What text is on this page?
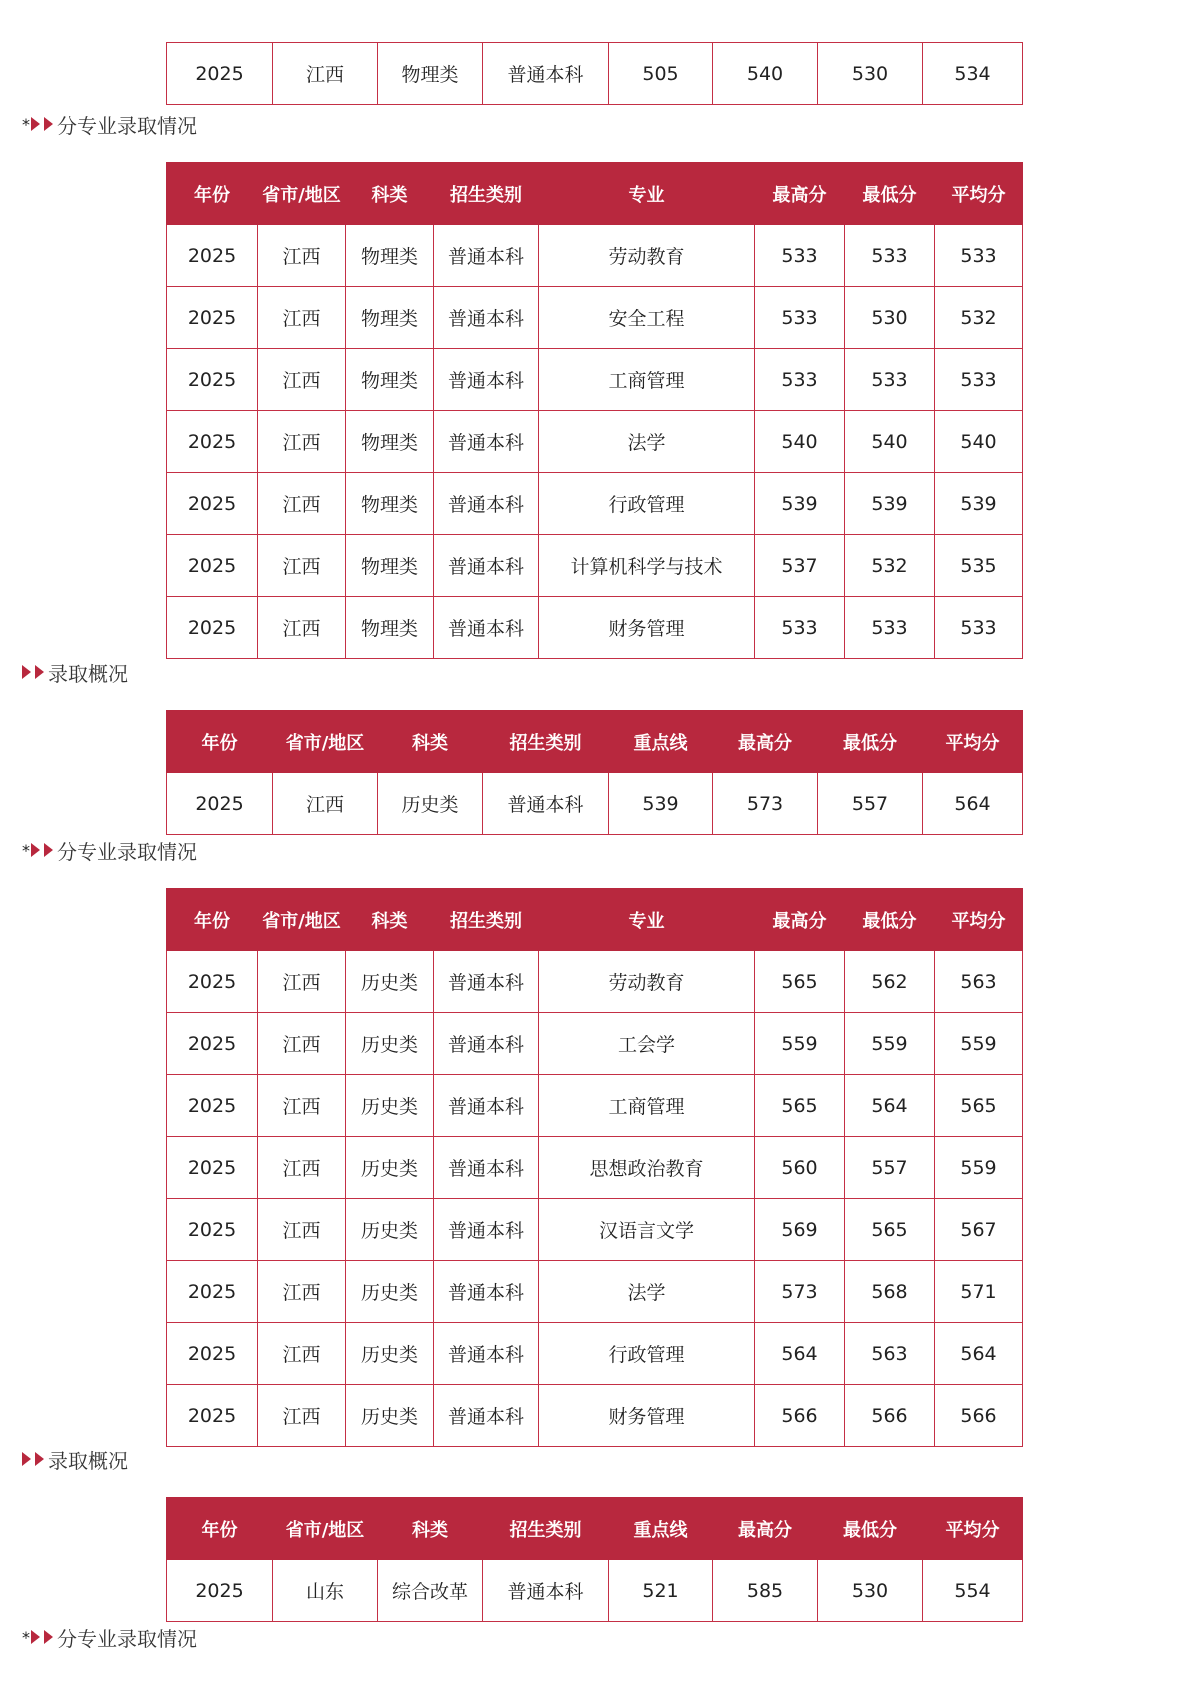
2025	江西	物理类	普通本科	505	540	530	534
* 分专业录取情况
年份	省市/地区	科类	招生类别	专业	最高分	最低分	平均分
2025	江西	物理类	普通本科	劳动教育	533	533	533
2025	江西	物理类	普通本科	安全工程	533	530	532
2025	江西	物理类	普通本科	工商管理	533	533	533
2025	江西	物理类	普通本科	法学	540	540	540
2025	江西	物理类	普通本科	行政管理	539	539	539
2025	江西	物理类	普通本科	计算机科学与技术	537	532	535
2025	江西	物理类	普通本科	财务管理	533	533	533
录取概况
年份	省市/地区	科类	招生类别	重点线	最高分	最低分	平均分
2025	江西	历史类	普通本科	539	573	557	564
* 分专业录取情况
年份	省市/地区	科类	招生类别	专业	最高分	最低分	平均分
2025	江西	历史类	普通本科	劳动教育	565	562	563
2025	江西	历史类	普通本科	工会学	559	559	559
2025	江西	历史类	普通本科	工商管理	565	564	565
2025	江西	历史类	普通本科	思想政治教育	560	557	559
2025	江西	历史类	普通本科	汉语言文学	569	565	567
2025	江西	历史类	普通本科	法学	573	568	571
2025	江西	历史类	普通本科	行政管理	564	563	564
2025	江西	历史类	普通本科	财务管理	566	566	566
录取概况
年份	省市/地区	科类	招生类别	重点线	最高分	最低分	平均分
2025	山东	综合改革	普通本科	521	585	530	554
* 分专业录取情况
